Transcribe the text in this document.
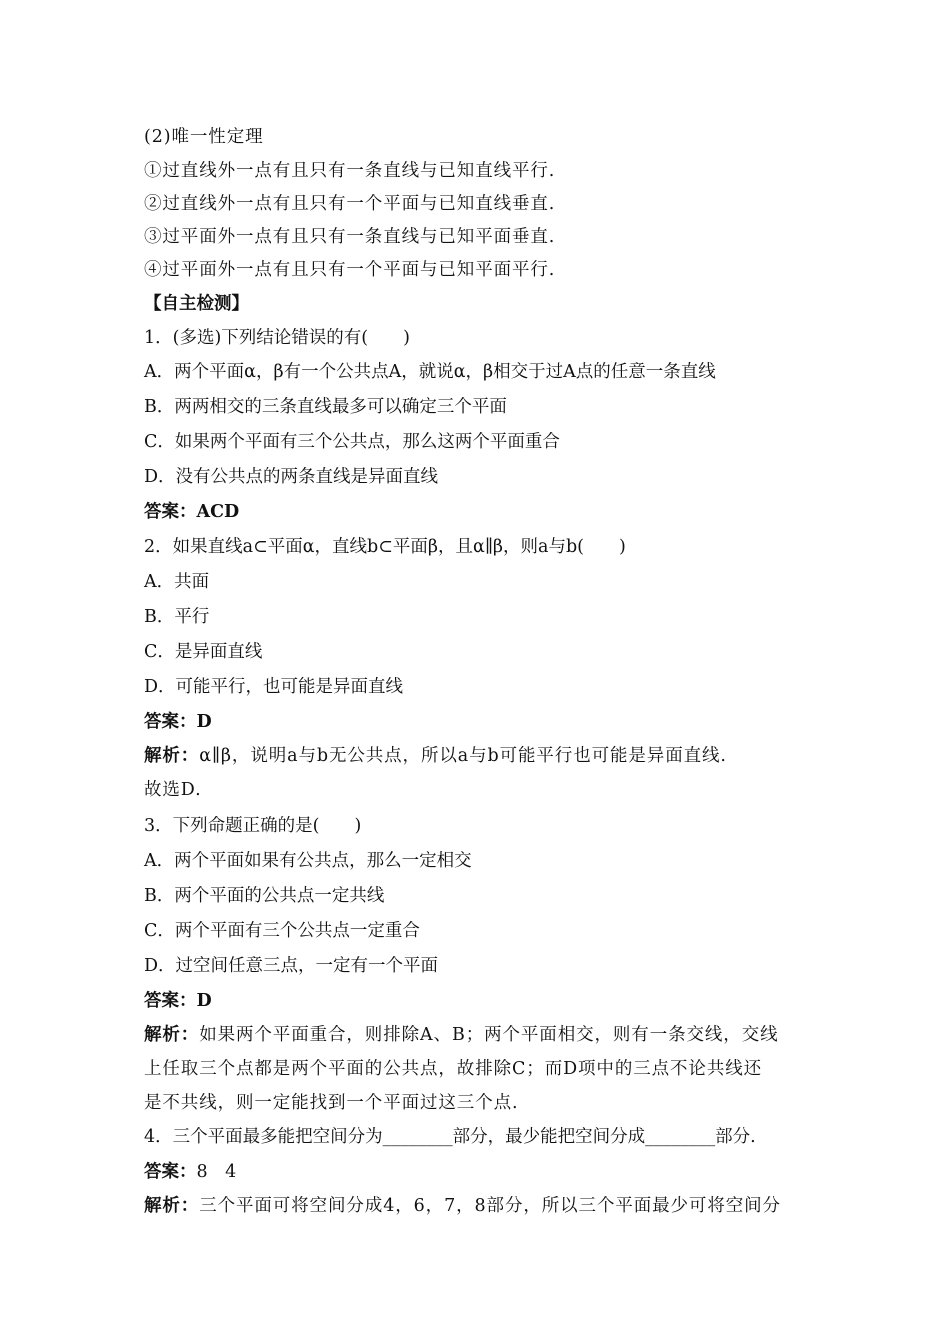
(2)唯一性定理
①过直线外一点有且只有一条直线与已知直线平行.
②过直线外一点有且只有一个平面与已知直线垂直.
③过平面外一点有且只有一条直线与已知平面垂直.
④过平面外一点有且只有一个平面与已知平面平行.
【自主检测】
1．(多选)下列结论错误的有(　　)
A．两个平面α，β有一个公共点A，就说α，β相交于过A点的任意一条直线
B．两两相交的三条直线最多可以确定三个平面
C．如果两个平面有三个公共点，那么这两个平面重合
D．没有公共点的两条直线是异面直线
答案：ACD
2．如果直线a⊂平面α，直线b⊂平面β，且α∥β，则a与b(　　)
A．共面
B．平行
C．是异面直线
D．可能平行，也可能是异面直线
答案：D
解析：α∥β，说明a与b无公共点，所以a与b可能平行也可能是异面直线.
故选D.
3．下列命题正确的是(　　)
A．两个平面如果有公共点，那么一定相交
B．两个平面的公共点一定共线
C．两个平面有三个公共点一定重合
D．过空间任意三点，一定有一个平面
答案：D
解析：如果两个平面重合，则排除A、B；两个平面相交，则有一条交线，交线
上任取三个点都是两个平面的公共点，故排除C；而D项中的三点不论共线还
是不共线，则一定能找到一个平面过这三个点.
4．三个平面最多能把空间分为________部分，最少能把空间分成________部分.
答案：8　4
解析：三个平面可将空间分成4，6，7，8部分，所以三个平面最少可将空间分
